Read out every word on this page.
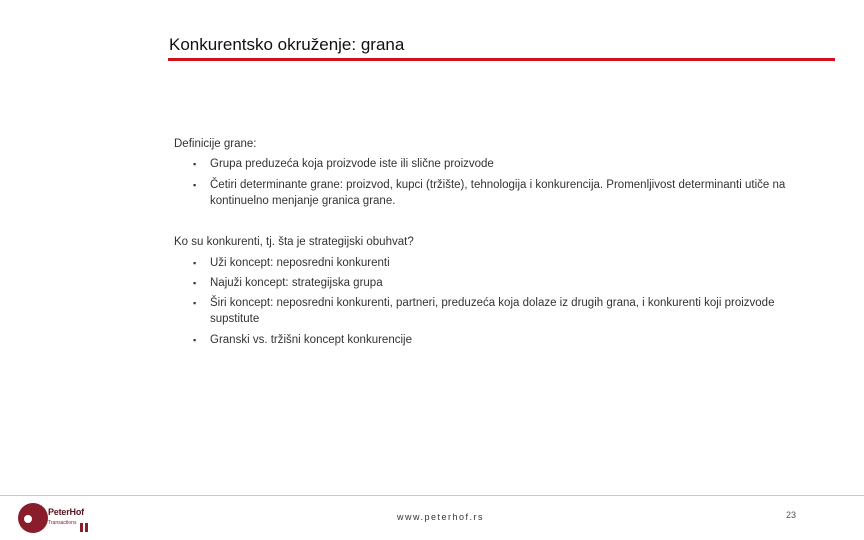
Konkurentsko okruženje: grana
Definicije grane:
▪ Grupa preduzeća koja proizvode iste ili slične proizvode
▪ Četiri determinante grane: proizvod, kupci (tržište), tehnologija i konkurencija. Promenljivost determinanti utiče na kontinuelno menjanje granica grane.
Ko su konkurenti, tj. šta je strategijski obuhvat?
▪ Uži koncept: neposredni konkurenti
▪ Najuži koncept: strategijska grupa
▪ Širi koncept: neposredni konkurenti, partneri, preduzeća koja dolaze iz drugih grana, i konkurenti koji proizvode supstitute
▪ Granski vs. tržišni koncept konkurencije
PeterHof
Transactions
www.peterhof.rs	23
